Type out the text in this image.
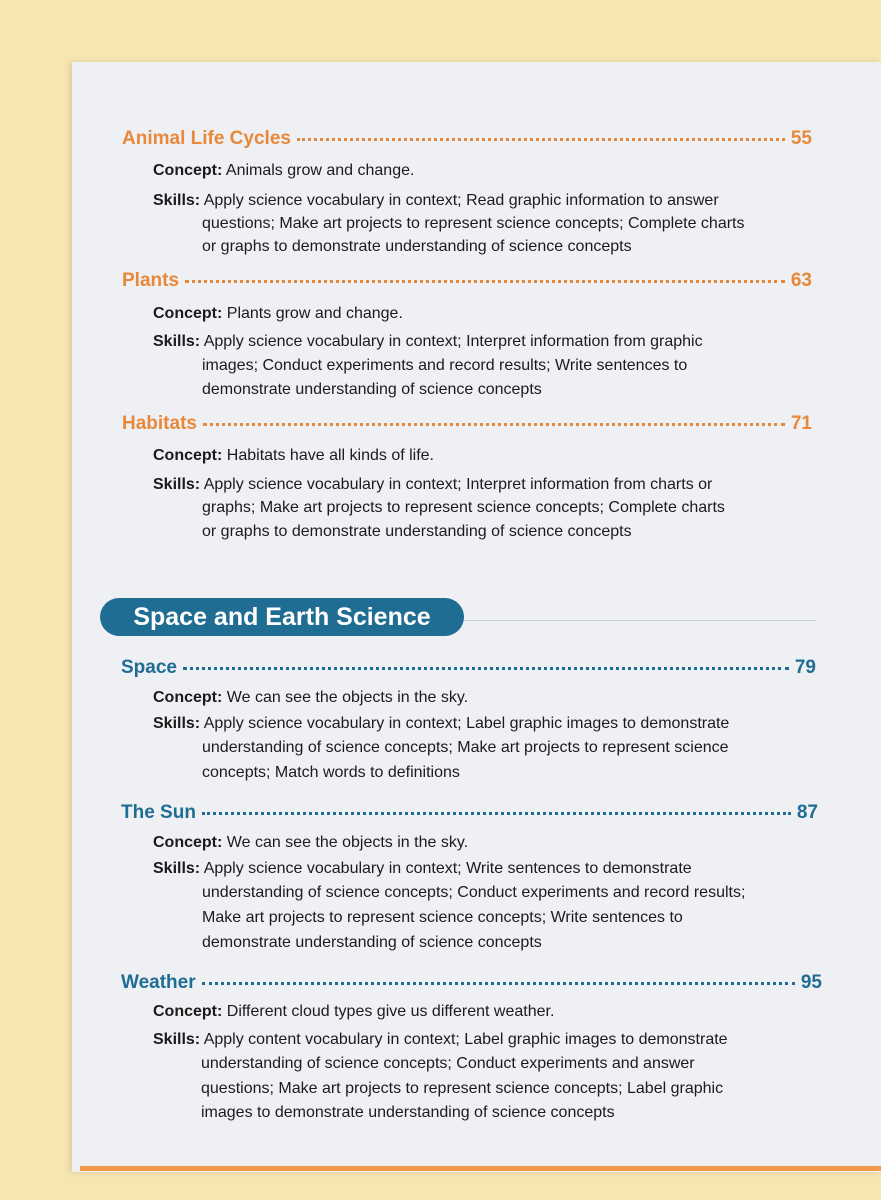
Animal Life Cycles	55
Concept: Animals grow and change.
Skills: Apply science vocabulary in context; Read graphic information to answer
questions; Make art projects to represent science concepts; Complete charts
or graphs to demonstrate understanding of science concepts
Plants	63
Concept: Plants grow and change.
Skills: Apply science vocabulary in context; Interpret information from graphic
images; Conduct experiments and record results; Write sentences to
demonstrate understanding of science concepts
Habitats	71
Concept: Habitats have all kinds of life.
Skills: Apply science vocabulary in context; Interpret information from charts or
graphs; Make art projects to represent science concepts; Complete charts
or graphs to demonstrate understanding of science concepts
Space and Earth Science
Space	79
Concept: We can see the objects in the sky.
Skills: Apply science vocabulary in context; Label graphic images to demonstrate
understanding of science concepts; Make art projects to represent science
concepts; Match words to definitions
The Sun	87
Concept: We can see the objects in the sky.
Skills: Apply science vocabulary in context; Write sentences to demonstrate
understanding of science concepts; Conduct experiments and record results;
Make art projects to represent science concepts; Write sentences to
demonstrate understanding of science concepts
Weather	95
Concept: Different cloud types give us different weather.
Skills: Apply content vocabulary in context; Label graphic images to demonstrate
understanding of science concepts; Conduct experiments and answer
questions; Make art projects to represent science concepts; Label graphic
images to demonstrate understanding of science concepts
